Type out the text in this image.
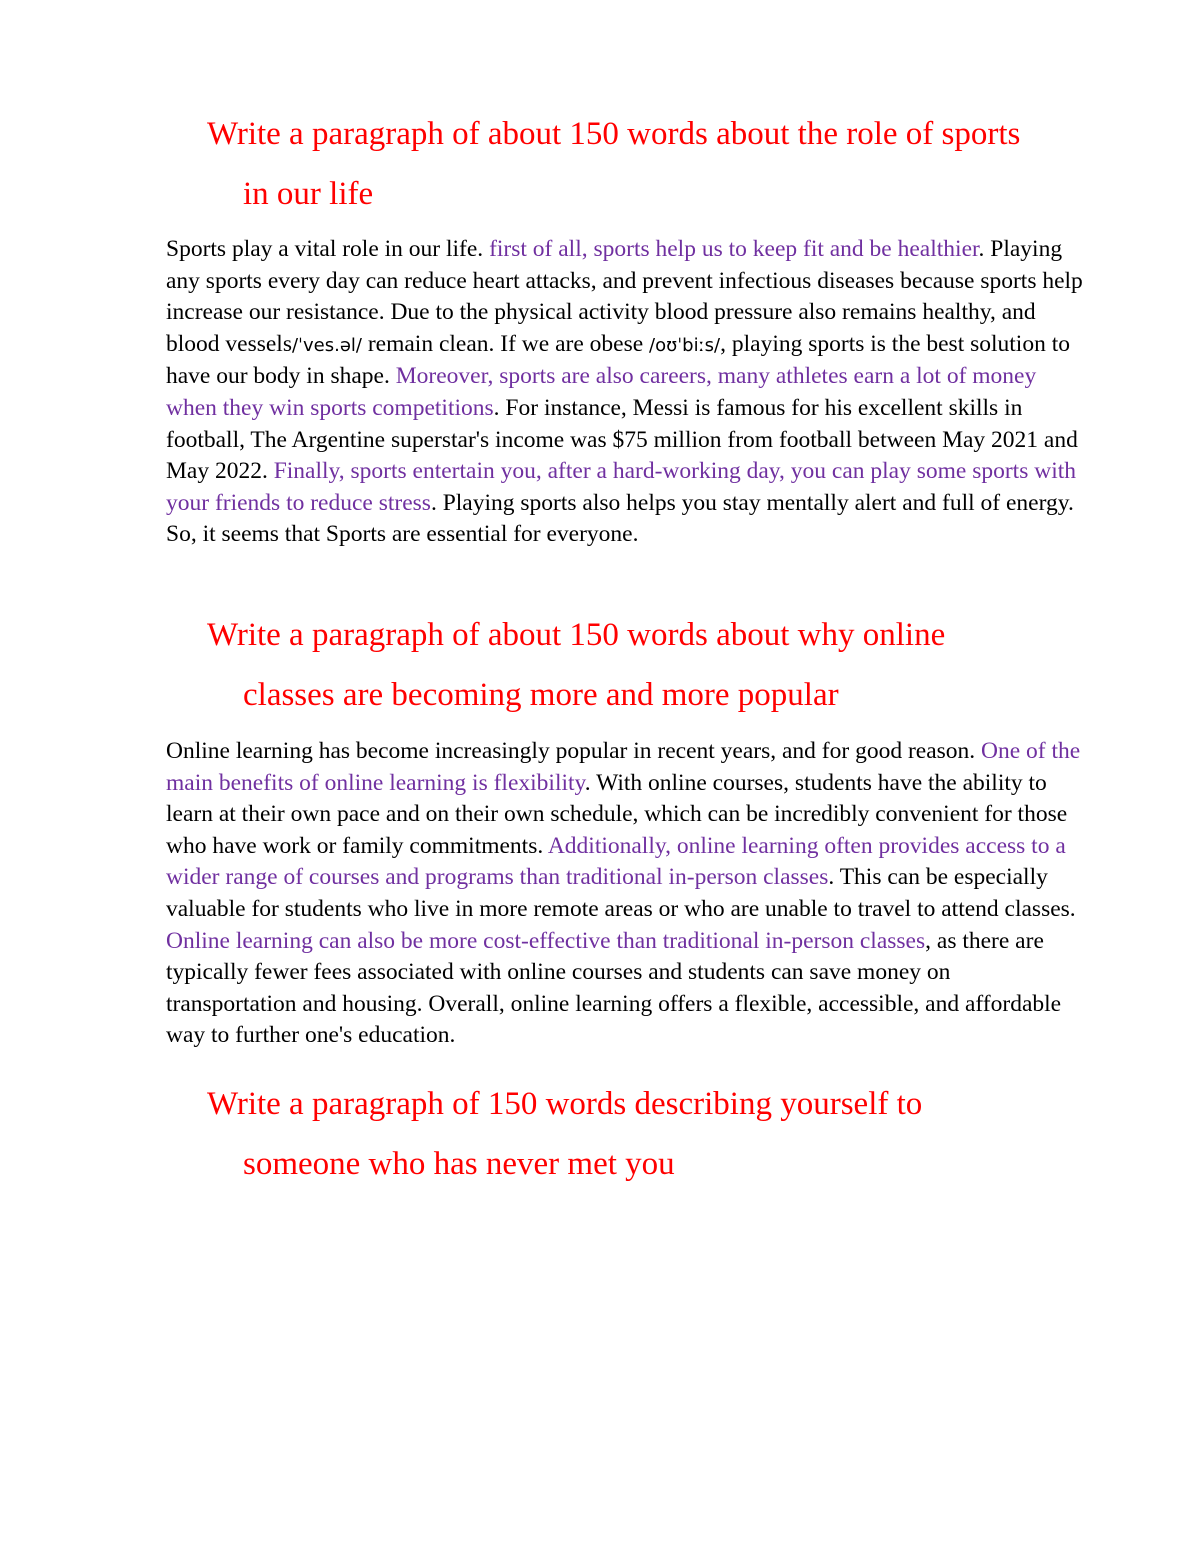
Write a paragraph of about 150 words about the role of sports
in our life

Sports play a vital role in our life. first of all, sports help us to keep fit and be healthier. Playing any sports every day can reduce heart attacks, and prevent infectious diseases because sports help increase our resistance. Due to the physical activity blood pressure also remains healthy, and blood vessels/ˈves.əl/ remain clean. If we are obese /oʊˈbiːs/, playing sports is the best solution to have our body in shape. Moreover, sports are also careers, many athletes earn a lot of money when they win sports competitions. For instance, Messi is famous for his excellent skills in football, The Argentine superstar's income was $75 million from football between May 2021 and May 2022. Finally, sports entertain you, after a hard-working day, you can play some sports with your friends to reduce stress. Playing sports also helps you stay mentally alert and full of energy. So, it seems that Sports are essential for everyone.

Write a paragraph of about 150 words about why online
classes are becoming more and more popular

Online learning has become increasingly popular in recent years, and for good reason. One of the main benefits of online learning is flexibility. With online courses, students have the ability to learn at their own pace and on their own schedule, which can be incredibly convenient for those who have work or family commitments. Additionally, online learning often provides access to a wider range of courses and programs than traditional in-person classes. This can be especially valuable for students who live in more remote areas or who are unable to travel to attend classes. Online learning can also be more cost-effective than traditional in-person classes, as there are typically fewer fees associated with online courses and students can save money on transportation and housing. Overall, online learning offers a flexible, accessible, and affordable way to further one's education.

Write a paragraph of 150 words describing yourself to
someone who has never met you
